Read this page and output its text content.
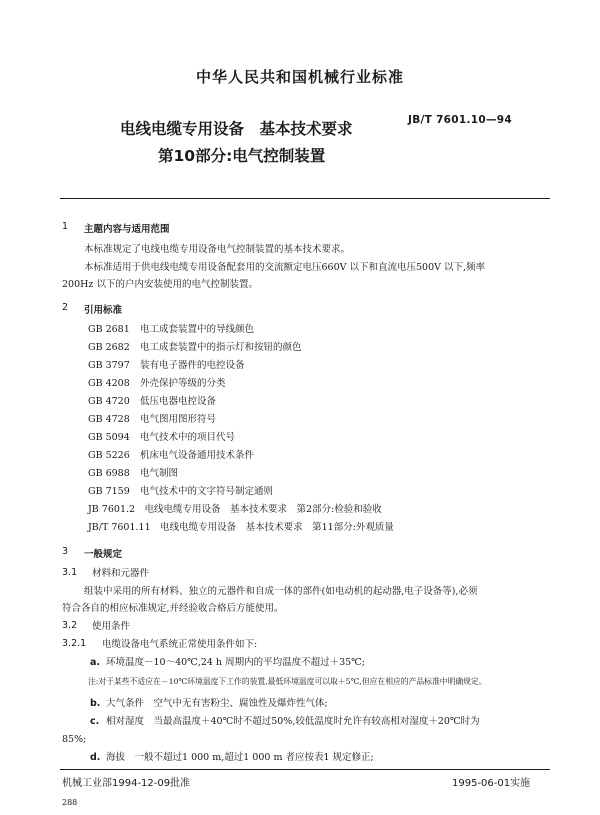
中华人民共和国机械行业标准
电线电缆专用设备　基本技术要求
第10部分:电气控制装置
JB/T 7601.10—94
1 主题内容与适用范围
本标准规定了电线电缆专用设备电气控制装置的基本技术要求。
本标准适用于供电线电缆专用设备配套用的交流额定电压660V 以下和直流电压500V 以下,频率
200Hz 以下的户内安装使用的电气控制装置。
2 引用标准
GB 2681 电工成套装置中的导线颜色
GB 2682 电工成套装置中的指示灯和按钮的颜色
GB 3797 装有电子器件的电控设备
GB 4208 外壳保护等级的分类
GB 4720 低压电器电控设备
GB 4728 电气图用图形符号
GB 5094 电气技术中的项目代号
GB 5226 机床电气设备通用技术条件
GB 6988 电气制图
GB 7159 电气技术中的文字符号制定通则
JB 7601.2　电线电缆专用设备　基本技术要求　第2部分:检验和验收
JB/T 7601.11　电线电缆专用设备　基本技术要求　第11部分:外观质量
3 一般规定
3.1 材料和元器件
组装中采用的所有材料、独立的元器件和自成一体的部件(如电动机的起动器,电子设备等),必须
符合各自的相应标准规定,并经验收合格后方能使用。
3.2 使用条件
3.2.1 电缆设备电气系统正常使用条件如下:
a. 环境温度－10～40℃,24 h 周期内的平均温度不超过＋35℃;
注:对于某些不适应在－10℃环境温度下工作的装置,最低环境温度可以取＋5℃,但应在相应的产品标准中明确规定。
b. 大气条件　空气中无有害粉尘、腐蚀性及爆炸性气体;
c. 相对湿度　当最高温度＋40℃时不超过50%,较低温度时允许有较高相对湿度＋20℃时为
85%;
d. 海拔　一般不超过1 000 m,超过1 000 m 者应按表1 规定修正;
机械工业部1994-12-09批准	1995-06-01实施
288
